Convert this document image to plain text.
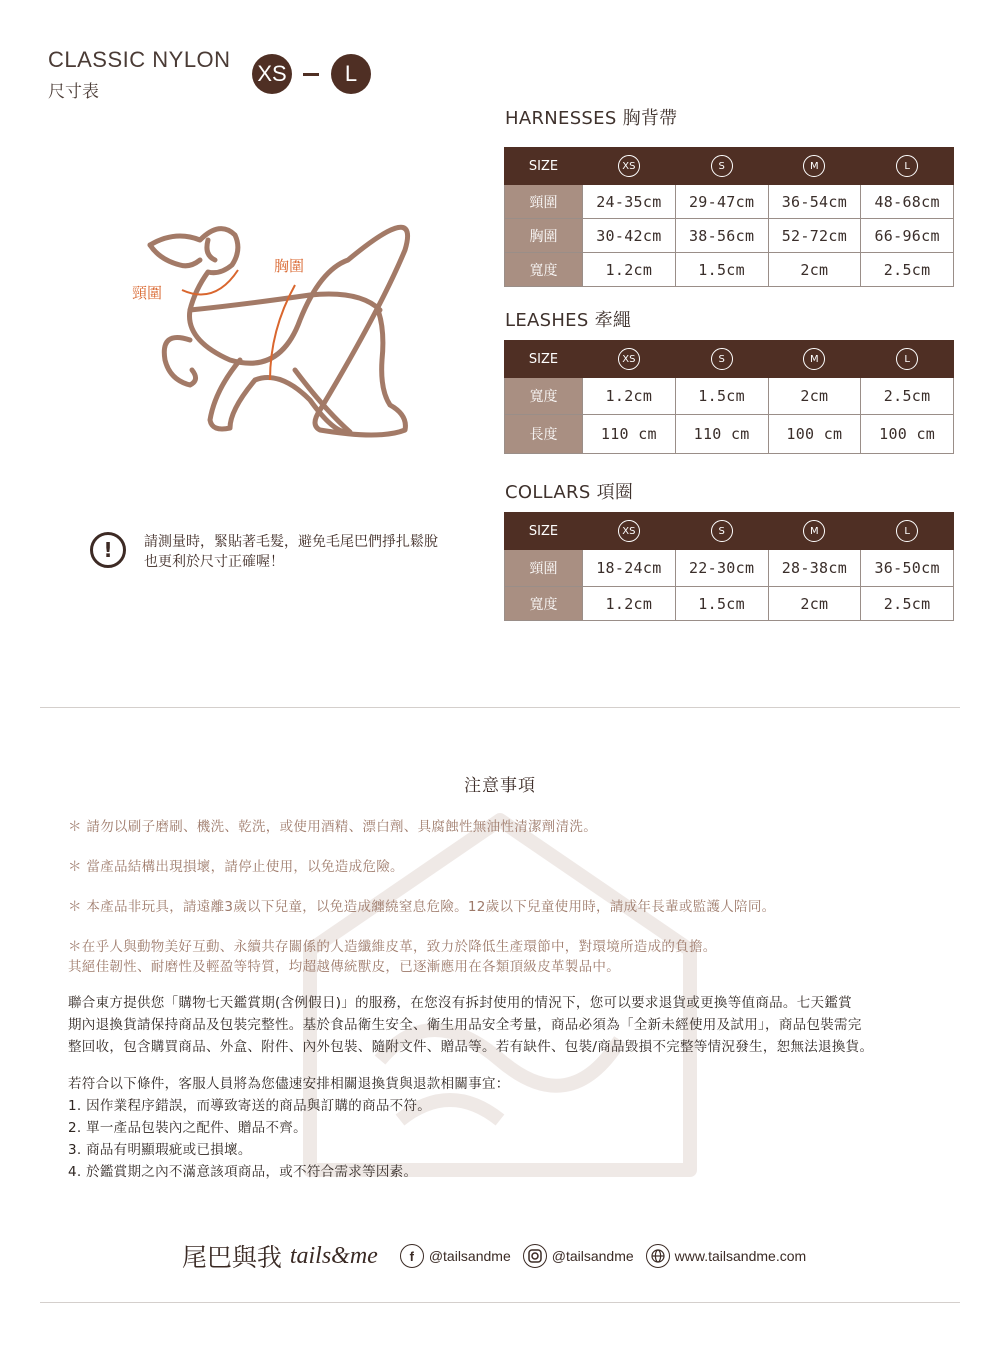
CLASSIC NYLON
尺寸表
XS	L
頸圍
胸圍
!	請測量時，緊貼著毛髮，避免毛尾巴們掙扎鬆脫
也更利於尺寸正確喔！
HARNESSES 胸背帶
SIZE	XS	S	M	L
頸圍	24-35cm	29-47cm	36-54cm	48-68cm
胸圍	30-42cm	38-56cm	52-72cm	66-96cm
寬度	1.2cm	1.5cm	2cm	2.5cm
LEASHES 牽繩
SIZE	XS	S	M	L
寬度	1.2cm	1.5cm	2cm	2.5cm
長度	110 cm	110 cm	100 cm	100 cm
COLLARS 項圈
SIZE	XS	S	M	L
頸圍	18-24cm	22-30cm	28-38cm	36-50cm
寬度	1.2cm	1.5cm	2cm	2.5cm
注意事項
＊ 請勿以刷子磨刷、機洗、乾洗，或使用酒精、漂白劑、具腐蝕性無油性清潔劑清洗。
＊ 當產品結構出現損壞，請停止使用，以免造成危險。
＊ 本產品非玩具，請遠離3歲以下兒童，以免造成纏繞窒息危險。12歲以下兒童使用時，請成年長輩或監護人陪同。
＊在乎人與動物美好互動、永續共存關係的人造纖維皮革，致力於降低生產環節中，對環境所造成的負擔。
其絕佳韌性、耐磨性及輕盈等特質，均超越傳統獸皮，已逐漸應用在各類頂級皮革製品中。
聯合東方提供您「購物七天鑑賞期(含例假日)」的服務，在您沒有拆封使用的情況下，您可以要求退貨或更換等值商品。七天鑑賞
期內退換貨請保持商品及包裝完整性。基於食品衛生安全、衛生用品安全考量，商品必須為「全新未經使用及試用」，商品包裝需完
整回收，包含購買商品、外盒、附件、內外包裝、隨附文件、贈品等。若有缺件、包裝/商品毀損不完整等情況發生，恕無法退換貨。
若符合以下條件，客服人員將為您儘速安排相關退換貨與退款相關事宜：
1. 因作業程序錯誤，而導致寄送的商品與訂購的商品不符。
2. 單一產品包裝內之配件、贈品不齊。
3. 商品有明顯瑕疵或已損壞。
4. 於鑑賞期之內不滿意該項商品，或不符合需求等因素。
尾巴與我 tails&me	f	@tailsandme	@tailsandme	www.tailsandme.com
